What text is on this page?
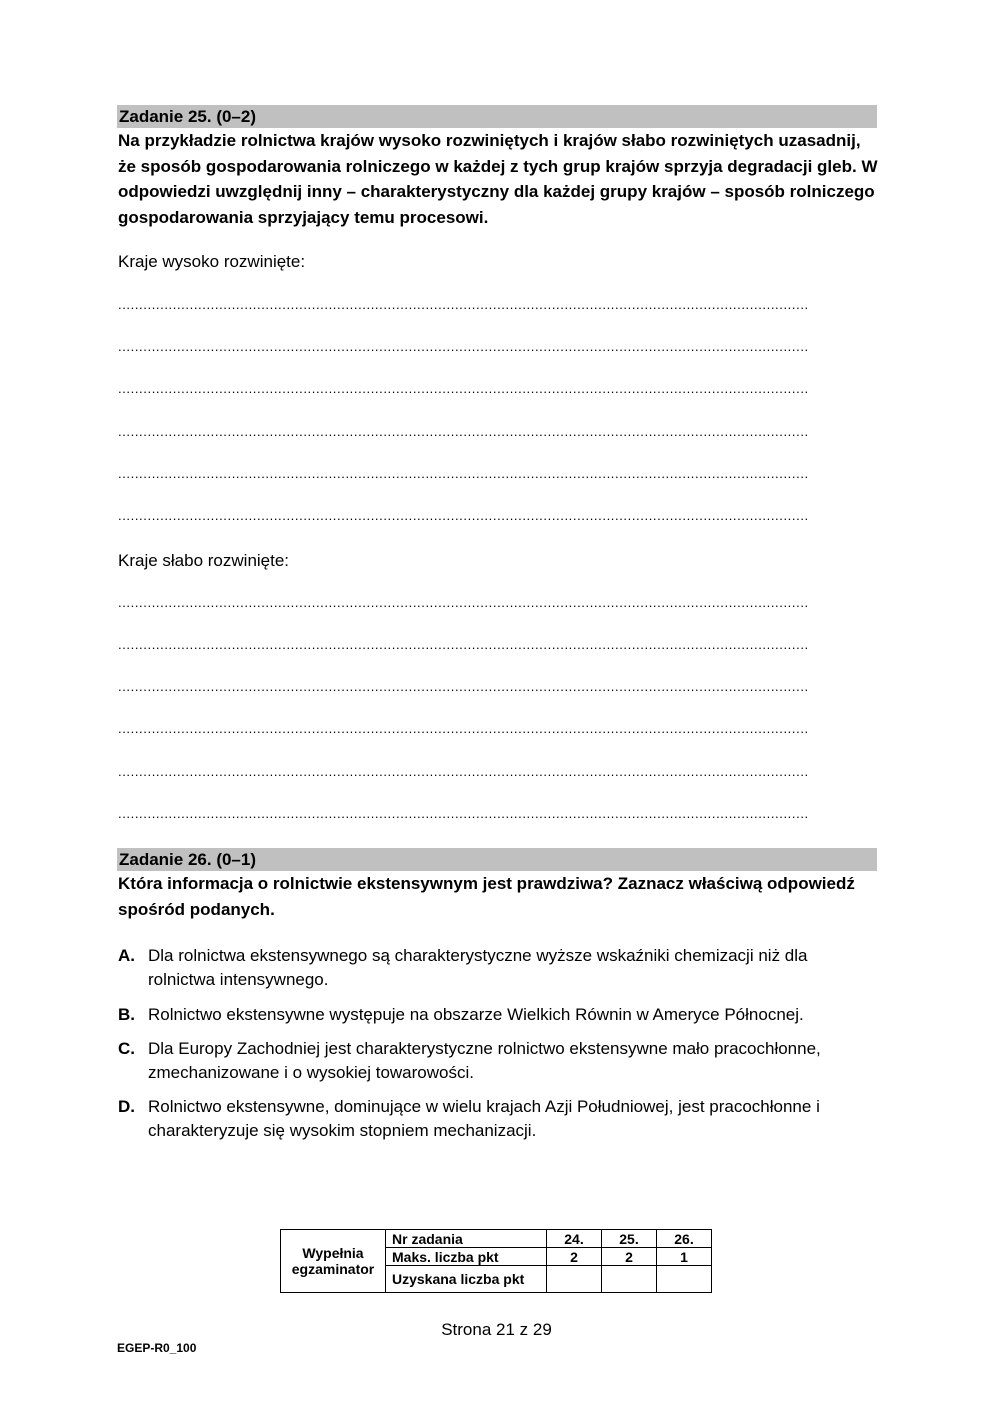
Zadanie 25. (0–2)
Na przykładzie rolnictwa krajów wysoko rozwiniętych i krajów słabo rozwiniętych uzasadnij, że sposób gospodarowania rolniczego w każdej z tych grup krajów sprzyja degradacji gleb. W odpowiedzi uwzględnij inny – charakterystyczny dla każdej grupy krajów – sposób rolniczego gospodarowania sprzyjający temu procesowi.
Kraje wysoko rozwinięte:
....................................................................................................................................................................
....................................................................................................................................................................
....................................................................................................................................................................
....................................................................................................................................................................
....................................................................................................................................................................
....................................................................................................................................................................
Kraje słabo rozwinięte:
....................................................................................................................................................................
....................................................................................................................................................................
....................................................................................................................................................................
....................................................................................................................................................................
....................................................................................................................................................................
....................................................................................................................................................................
Zadanie 26. (0–1)
Która informacja o rolnictwie ekstensywnym jest prawdziwa? Zaznacz właściwą odpowiedź spośród podanych.
A. Dla rolnictwa ekstensywnego są charakterystyczne wyższe wskaźniki chemizacji niż dla rolnictwa intensywnego.
B. Rolnictwo ekstensywne występuje na obszarze Wielkich Równin w Ameryce Północnej.
C. Dla Europy Zachodniej jest charakterystyczne rolnictwo ekstensywne mało pracochłonne, zmechanizowane i o wysokiej towarowości.
D. Rolnictwo ekstensywne, dominujące w wielu krajach Azji Południowej, jest pracochłonne i charakteryzuje się wysokim stopniem mechanizacji.
Wypełnia
egzaminator	Nr zadania	24.	25.	26.
	Maks. liczba pkt	2	2	1
	Uzyskana liczba pkt			
Strona 21 z 29
EGEP-R0_100
